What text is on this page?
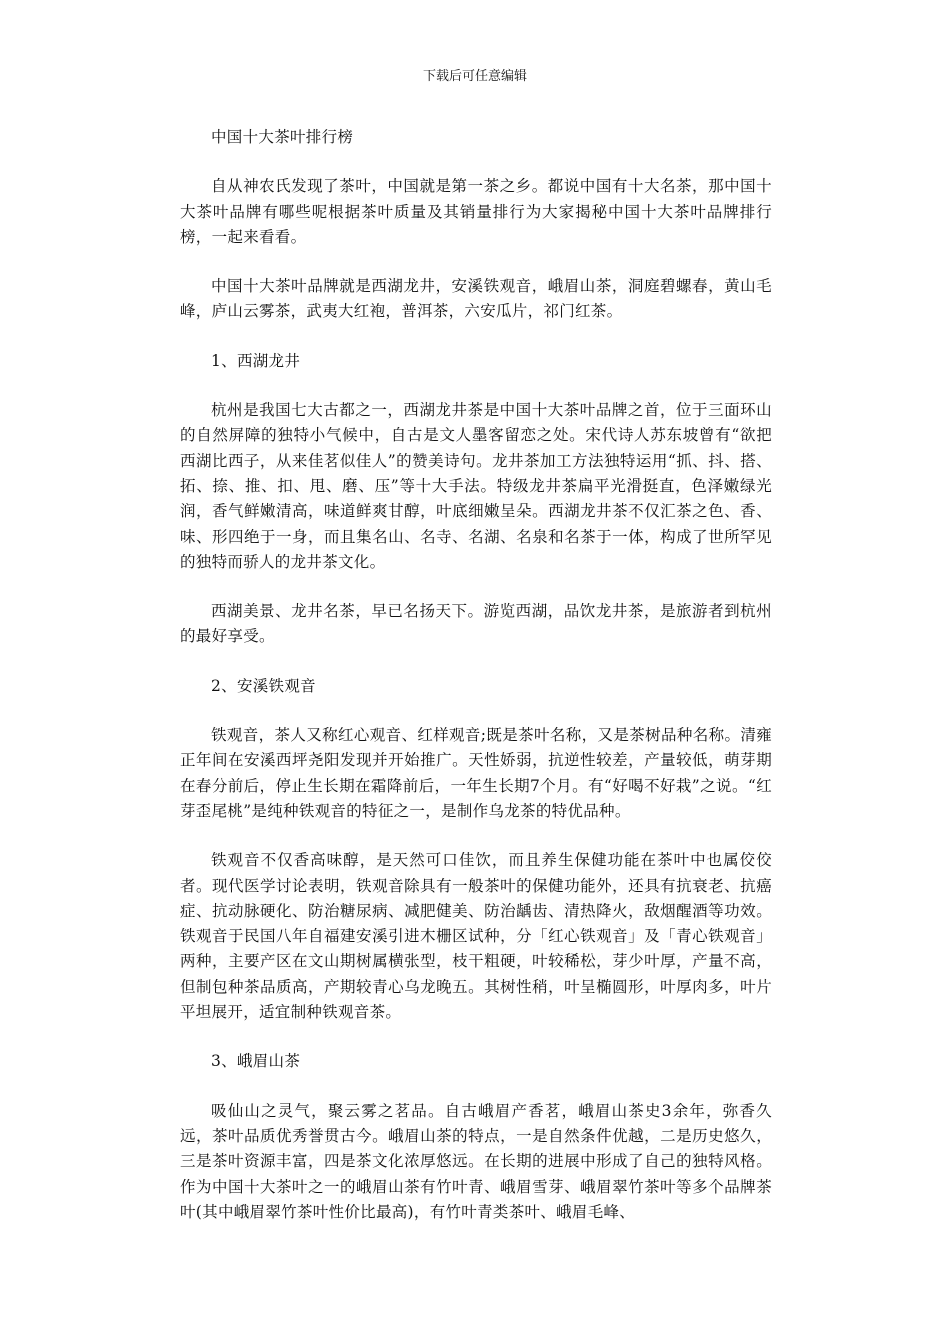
下载后可任意编辑

中国十大茶叶排行榜

自从神农氏发现了茶叶，中国就是第一茶之乡。都说中国有十大名茶，那中国十大茶叶品牌有哪些呢根据茶叶质量及其销量排行为大家揭秘中国十大茶叶品牌排行榜，一起来看看。

中国十大茶叶品牌就是西湖龙井，安溪铁观音，峨眉山茶，洞庭碧螺春，黄山毛峰，庐山云雾茶，武夷大红袍，普洱茶，六安瓜片，祁门红茶。

1、西湖龙井

杭州是我国七大古都之一，西湖龙井茶是中国十大茶叶品牌之首，位于三面环山的自然屏障的独特小气候中，自古是文人墨客留恋之处。宋代诗人苏东坡曾有“欲把西湖比西子，从来佳茗似佳人”的赞美诗句。龙井茶加工方法独特运用“抓、抖、搭、拓、捺、推、扣、甩、磨、压”等十大手法。特级龙井茶扁平光滑挺直，色泽嫩绿光润，香气鲜嫩清高，味道鲜爽甘醇，叶底细嫩呈朵。西湖龙井茶不仅汇茶之色、香、味、形四绝于一身，而且集名山、名寺、名湖、名泉和名茶于一体，构成了世所罕见的独特而骄人的龙井茶文化。

西湖美景、龙井名茶，早已名扬天下。游览西湖，品饮龙井茶，是旅游者到杭州的最好享受。

2、安溪铁观音

铁观音，茶人又称红心观音、红样观音;既是茶叶名称，又是茶树品种名称。清雍正年间在安溪西坪尧阳发现并开始推广。天性娇弱，抗逆性较差，产量较低，萌芽期在春分前后，停止生长期在霜降前后，一年生长期7个月。有“好喝不好栽”之说。“红芽歪尾桃”是纯种铁观音的特征之一，是制作乌龙茶的特优品种。

铁观音不仅香高味醇，是天然可口佳饮，而且养生保健功能在茶叶中也属佼佼者。现代医学讨论表明，铁观音除具有一般茶叶的保健功能外，还具有抗衰老、抗癌症、抗动脉硬化、防治糖尿病、减肥健美、防治龋齿、清热降火，敌烟醒酒等功效。铁观音于民国八年自福建安溪引进木栅区试种，分「红心铁观音」及「青心铁观音」两种，主要产区在文山期树属横张型，枝干粗硬，叶较稀松，芽少叶厚，产量不高，但制包种茶品质高，产期较青心乌龙晚五。其树性稍，叶呈椭圆形，叶厚肉多，叶片平坦展开，适宜制种铁观音茶。

3、峨眉山茶

吸仙山之灵气，聚云雾之茗品。自古峨眉产香茗，峨眉山茶史3余年，弥香久远，茶叶品质优秀誉贯古今。峨眉山茶的特点，一是自然条件优越，二是历史悠久，三是茶叶资源丰富，四是茶文化浓厚悠远。在长期的进展中形成了自己的独特风格。作为中国十大茶叶之一的峨眉山茶有竹叶青、峨眉雪芽、峨眉翠竹茶叶等多个品牌茶叶(其中峨眉翠竹茶叶性价比最高)，有竹叶青类茶叶、峨眉毛峰、
